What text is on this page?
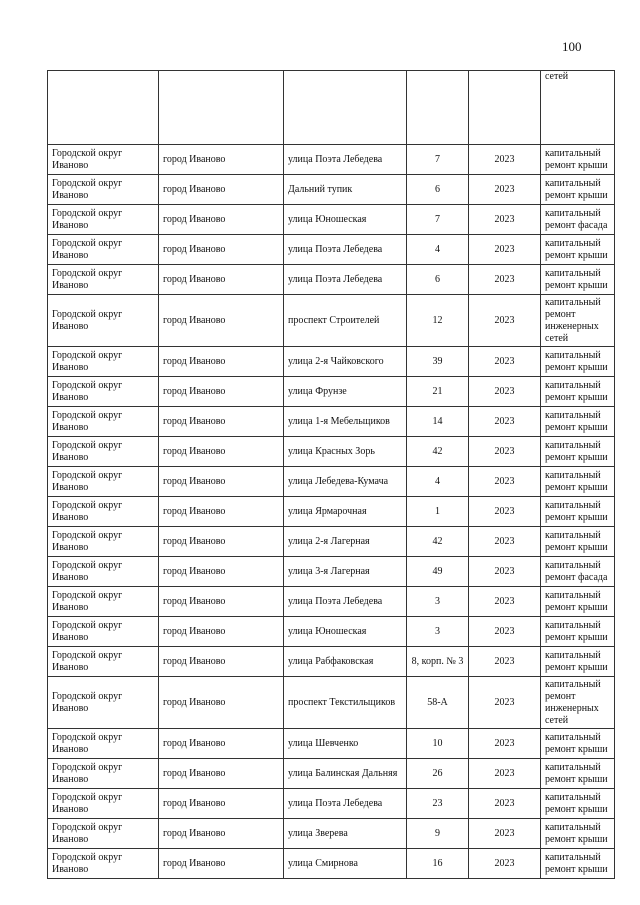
100
					сетей
Городской округ Иваново	город Иваново	улица Поэта Лебедева	7	2023	капитальный ремонт крыши
Городской округ Иваново	город Иваново	Дальний тупик	6	2023	капитальный ремонт крыши
Городской округ Иваново	город Иваново	улица Юношеская	7	2023	капитальный ремонт фасада
Городской округ Иваново	город Иваново	улица Поэта Лебедева	4	2023	капитальный ремонт крыши
Городской округ Иваново	город Иваново	улица Поэта Лебедева	6	2023	капитальный ремонт крыши
Городской округ Иваново	город Иваново	проспект Строителей	12	2023	капитальный ремонт инженерных сетей
Городской округ Иваново	город Иваново	улица 2-я Чайковского	39	2023	капитальный ремонт крыши
Городской округ Иваново	город Иваново	улица Фрунзе	21	2023	капитальный ремонт крыши
Городской округ Иваново	город Иваново	улица 1-я Мебельщиков	14	2023	капитальный ремонт крыши
Городской округ Иваново	город Иваново	улица Красных Зорь	42	2023	капитальный ремонт крыши
Городской округ Иваново	город Иваново	улица Лебедева-Кумача	4	2023	капитальный ремонт крыши
Городской округ Иваново	город Иваново	улица Ярмарочная	1	2023	капитальный ремонт крыши
Городской округ Иваново	город Иваново	улица 2-я Лагерная	42	2023	капитальный ремонт крыши
Городской округ Иваново	город Иваново	улица 3-я Лагерная	49	2023	капитальный ремонт фасада
Городской округ Иваново	город Иваново	улица Поэта Лебедева	3	2023	капитальный ремонт крыши
Городской округ Иваново	город Иваново	улица Юношеская	3	2023	капитальный ремонт крыши
Городской округ Иваново	город Иваново	улица Рабфаковская	8, корп. № 3	2023	капитальный ремонт крыши
Городской округ Иваново	город Иваново	проспект Текстильщиков	58-А	2023	капитальный ремонт инженерных сетей
Городской округ Иваново	город Иваново	улица Шевченко	10	2023	капитальный ремонт крыши
Городской округ Иваново	город Иваново	улица Балинская Дальняя	26	2023	капитальный ремонт крыши
Городской округ Иваново	город Иваново	улица Поэта Лебедева	23	2023	капитальный ремонт крыши
Городской округ Иваново	город Иваново	улица Зверева	9	2023	капитальный ремонт крыши
Городской округ Иваново	город Иваново	улица Смирнова	16	2023	капитальный ремонт крыши
